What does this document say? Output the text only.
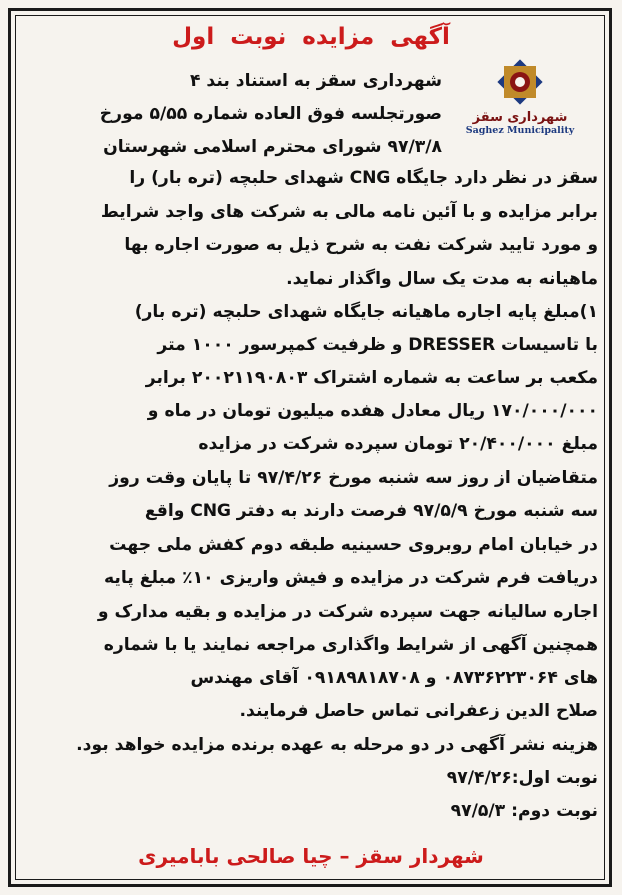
آگهی مزایده نوبت اول
شهرداری سقز
Saghez Municipality
شهرداری سقز به استناد بند ۴
صورتجلسه فوق العاده شماره ۵/۵۵ مورخ
۹۷/۳/۸ شورای محترم اسلامی شهرستان
سقز در نظر دارد جایگاه CNG شهدای حلبچه (تره بار) را
برابر مزایده و با آئین نامه مالی به شرکت های واجد شرایط
و مورد تایید شرکت نفت به شرح ذیل به صورت اجاره بها
ماهیانه به مدت یک سال واگذار نماید.
۱)مبلغ پایه اجاره ماهیانه جایگاه شهدای حلبچه (تره بار)
با تاسیسات DRESSER و ظرفیت کمپرسور ۱۰۰۰ متر
مکعب بر ساعت به شماره اشتراک ۲۰۰۲۱۱۹۰۸۰۳ برابر
۱۷۰/۰۰۰/۰۰۰ ریال معادل هفده میلیون تومان در ماه و
مبلغ ۲۰/۴۰۰/۰۰۰ تومان سپرده شرکت در مزایده
متقاضیان از روز سه شنبه مورخ ۹۷/۴/۲۶ تا پایان وقت روز
سه شنبه مورخ ۹۷/۵/۹ فرصت دارند به دفتر CNG واقع
در خیابان امام روبروی حسینیه طبقه دوم کفش ملی جهت
دریافت فرم شرکت در مزایده و فیش واریزی ۱۰٪ مبلغ پایه
اجاره سالیانه جهت سپرده شرکت در مزایده و بقیه مدارک و
همچنین آگهی از شرایط واگذاری مراجعه نمایند یا با شماره
های ۰۸۷۳۶۲۲۳۰۶۴ و ۰۹۱۸۹۸۱۸۷۰۸ آقای مهندس
صلاح الدین زعفرانی تماس حاصل فرمایند.
هزینه نشر آگهی در دو مرحله به عهده برنده مزایده خواهد بود.
نوبت اول:۹۷/۴/۲۶
نوبت دوم: ۹۷/۵/۳
شهردار سقز – چیا صالحی بابامیری
